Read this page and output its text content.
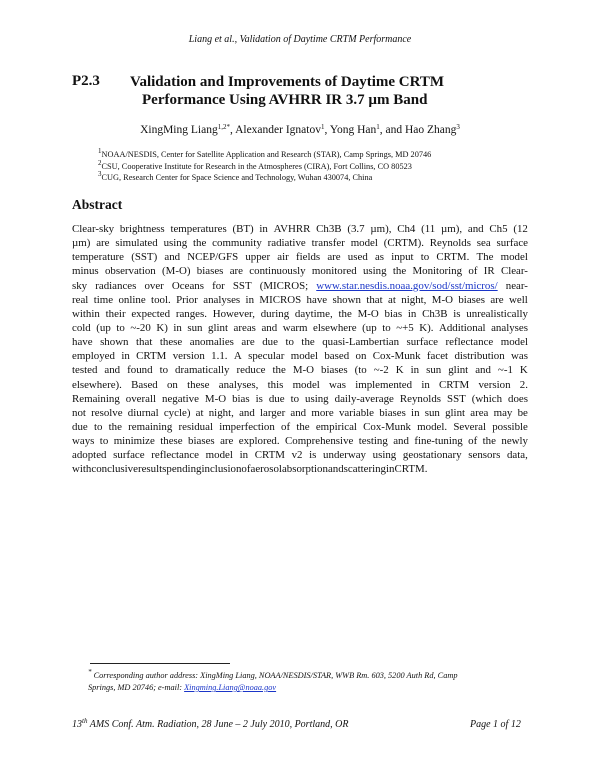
Liang et al., Validation of Daytime CRTM Performance
P2.3 Validation and Improvements of Daytime CRTM
Performance Using AVHRR IR 3.7 µm Band
XingMing Liang$^{1,2*}$, Alexander Ignatov$^1$, Yong Han$^1$, and Hao Zhang$^3$
$^1$NOAA/NESDIS, Center for Satellite Application and Research (STAR), Camp Springs, MD 20746
$^2$CSU, Cooperative Institute for Research in the Atmospheres (CIRA), Fort Collins, CO 80523
$^3$CUG, Research Center for Space Science and Technology, Wuhan 430074, China
Abstract
Clear-sky brightness temperatures (BT) in AVHRR Ch3B (3.7 µm), Ch4 (11 µm), and Ch5 (12
µm) are simulated using the community radiative transfer model (CRTM). Reynolds sea surface
temperature (SST) and NCEP/GFS upper air fields are used as input to CRTM. The model
minus observation (M-O) biases are continuously monitored using the Monitoring of IR Clear-
sky radiances over Oceans for SST (MICROS; www.star.nesdis.noaa.gov/sod/sst/micros/ near-
real time online tool. Prior analyses in MICROS have shown that at night, M-O biases are well
within their expected ranges. However, during daytime, the M-O bias in Ch3B is unrealistically
cold (up to ~-20 K) in sun glint areas and warm elsewhere (up to ~+5 K). Additional analyses
have shown that these anomalies are due to the quasi-Lambertian surface reflectance model
employed in CRTM version 1.1. A specular model based on Cox-Munk facet distribution was
tested and found to dramatically reduce the M-O biases (to ~-2 K in sun glint and ~-1 K
elsewhere). Based on these analyses, this model was implemented in CRTM version 2.
Remaining overall negative M-O bias is due to using daily-average Reynolds SST (which does
not resolve diurnal cycle) at night, and larger and more variable biases in sun glint area may be
due to the remaining residual imperfection of the empirical Cox-Munk model. Several possible
ways to minimize these biases are explored. Comprehensive testing and fine-tuning of the newly
adopted surface reflectance model in CRTM v2 is underway using geostationary sensors data,
with conclusive results pending inclusion of aerosol absorption and scattering in CRTM.
* Corresponding author address: XingMing Liang, NOAA/NESDIS/STAR, WWB Rm. 603, 5200 Auth Rd, Camp
Springs, MD 20746; e-mail: Xingming.Liang@noaa.gov
13th AMS Conf. Atm. Radiation, 28 June – 2 July 2010, Portland, OR	Page 1 of 12
